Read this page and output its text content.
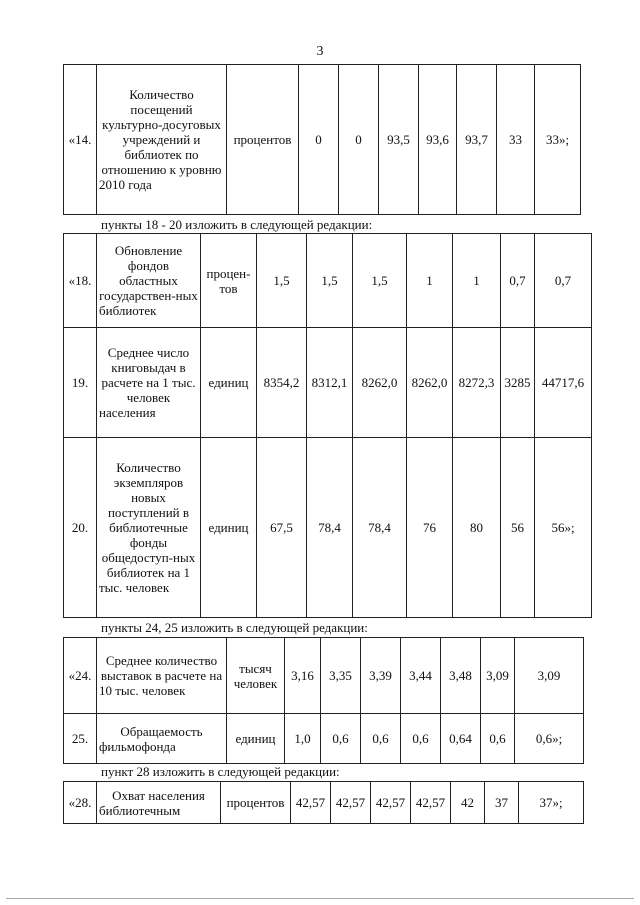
3
«14.	Количество посещений культурно-досуговых учреждений и библиотек по отношению к уровню 2010 года	процентов	0	0	93,5	93,6	93,7	33	33»;
пункты 18 - 20 изложить в следующей редакции:
«18.	Обновление фондов областных государствен-ных библиотек	процен-тов	1,5	1,5	1,5	1	1	0,7	0,7
19.	Среднее число книговыдач в расчете на 1 тыс. человек населения	единиц	8354,2	8312,1	8262,0	8262,0	8272,3	3285	44717,6
20.	Количество экземпляров новых поступлений в библиотечные фонды общедоступ-ных библиотек на 1 тыс. человек	единиц	67,5	78,4	78,4	76	80	56	56»;
пункты 24, 25 изложить в следующей редакции:
«24.	Среднее количество выставок в расчете на 10 тыс. человек	тысяч человек	3,16	3,35	3,39	3,44	3,48	3,09	3,09
25.	Обращаемость фильмофонда	единиц	1,0	0,6	0,6	0,6	0,64	0,6	0,6»;
пункт 28 изложить в следующей редакции:
«28.	Охват населения библиотечным	процентов	42,57	42,57	42,57	42,57	42	37	37»;
